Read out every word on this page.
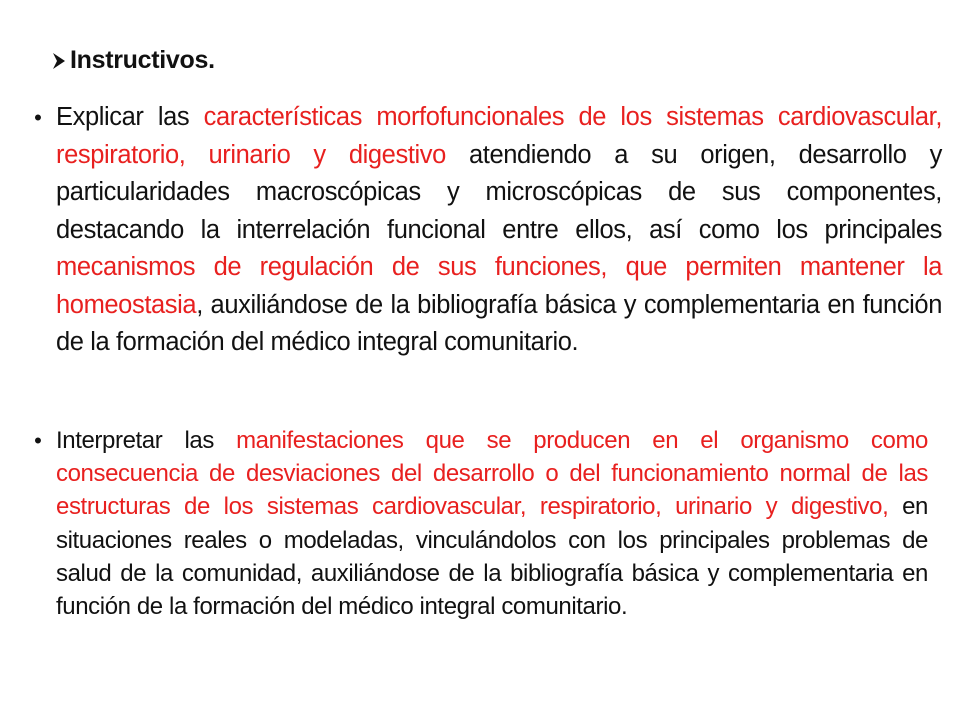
Instructivos.
• Explicar las características morfofuncionales de los sistemas cardiovascular, respiratorio, urinario y digestivo atendiendo a su origen, desarrollo y particularidades macroscópicas y microscópicas de sus componentes, destacando la interrelación funcional entre ellos, así como los principales mecanismos de regulación de sus funciones, que permiten mantener la homeostasia, auxiliándose de la bibliografía básica y complementaria en función de la formación del médico integral comunitario.

• Interpretar las manifestaciones que se producen en el organismo como consecuencia de desviaciones del desarrollo o del funcionamiento normal de las estructuras de los sistemas cardiovascular, respiratorio, urinario y digestivo, en situaciones reales o modeladas, vinculándolos con los principales problemas de salud de la comunidad, auxiliándose de la bibliografía básica y complementaria en función de la formación del médico integral comunitario.
